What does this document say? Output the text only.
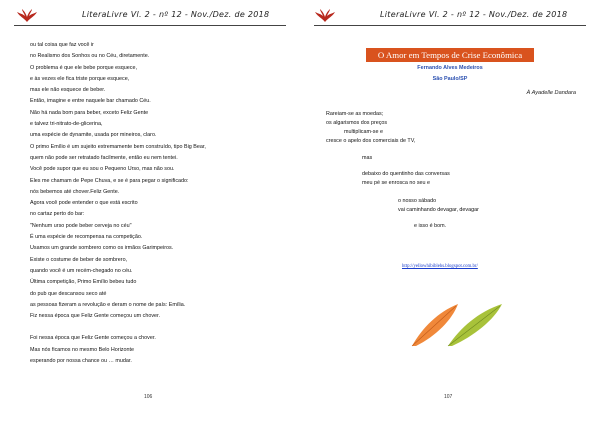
LiteraLivre Vl. 2 - nº 12 - Nov./Dez. de 2018
ou tal coisa que faz você ir
no Realismo dos Sonhos ou no Céu, diretamente.
O problema é que ele bebe porque esquece,
e às vezes ele fica triste porque esquece,
mas ele não esquece de beber.
Então, imagine e entre naquele bar chamado Céu.
Não há nada bom para beber, exceto Feliz Gente
e talvez tri-nitrato-de-glicerina,
uma espécie de dynamite, usada por mineiros, claro.
O primo Emílio é um sujeito extremamente bem construído, tipo Big Bear,
quem não pode ser retratado facilmente, então eu nem tentei.
Você pode supor que eu sou o Pequeno Urso, mas não sou.
Eles me chamam de Pepe Chuva, e se é para pegar o significado:
nós bebemos até chover.Feliz Gente.
Agora você pode entender o que está escrito
no cartaz perto do bar:
"Nenhum urso pode beber cerveja no céu"
É uma espécie de recompensa na competição.
Usamos um grande sombrero como os irmãos Garimpeiros.
Existe o costume de beber de sombrero,
quando você é um recém-chegado no céu.
Última competição, Primo Emílio bebeu tudo
do pub que descansou seco até
as pessoas fizeram a revolução e deram o nome de país: Emília.
Fiz nessa época que Feliz Gente começou um chover.
Foi nessa época que Feliz Gente começou a chover.
Mas nós ficamos no mesmo Belo Horizonte
esperando por nossa chance ou … mudar.
106
LiteraLivre Vl. 2 - nº 12 - Nov./Dez. de 2018
O Amor em Tempos de Crise Econômica
Fernando Alves Medeiros
São Paulo/SP
À Ayadelle Dandara
Rareiam-se as moedas;
os algarismos dos preços
multiplicam-se e
cresce o apelo dos comerciais de TV,
mas
debaixo do quentinho das conversas
meu pé se enrosca no seu e
o nosso sábado
vai caminhando devagar, devagar
e isso é bom.
http://yellowhibiblehs.blogspot.com.br/
107
